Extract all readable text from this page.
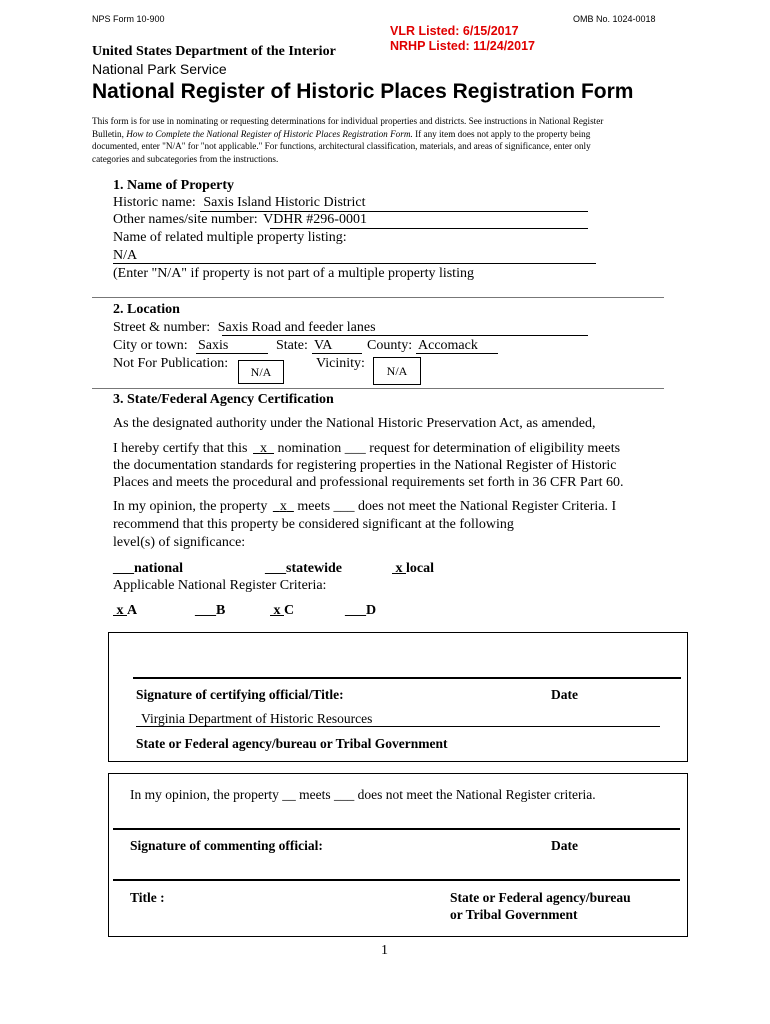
NPS Form 10-900	OMB No. 1024-0018
VLR Listed: 6/15/2017
NRHP Listed: 11/24/2017
United States Department of the Interior
National Park Service
National Register of Historic Places Registration Form
This form is for use in nominating or requesting determinations for individual properties and districts. See instructions in National Register
Bulletin, How to Complete the National Register of Historic Places Registration Form. If any item does not apply to the property being
documented, enter "N/A" for "not applicable." For functions, architectural classification, materials, and areas of significance, enter only
categories and subcategories from the instructions.
1. Name of Property
Historic name: Saxis Island Historic District
Other names/site number: VDHR #296-0001
Name of related multiple property listing:
N/A
(Enter "N/A" if property is not part of a multiple property listing
2. Location
Street & number: Saxis Road and feeder lanes
City or town: Saxis	State: VA County: Accomack
Not For Publication:
N/A
Vicinity:	N/A
3. State/Federal Agency Certification
As the designated authority under the National Historic Preservation Act, as amended,
I hereby certify that this x nomination ___ request for determination of eligibility meets
the documentation standards for registering properties in the National Register of Historic
Places and meets the procedural and professional requirements set forth in 36 CFR Part 60.
In my opinion, the property x meets ___ does not meet the National Register Criteria. I
recommend that this property be considered significant at the following
level(s) of significance:
___national	___statewide	x local
Applicable National Register Criteria:
x A	___B	x C	___D
Signature of certifying official/Title:	Date
Virginia Department of Historic Resources
State or Federal agency/bureau or Tribal Government
In my opinion, the property __ meets ___ does not meet the National Register criteria.
Signature of commenting official:	Date
Title :	State or Federal agency/bureau
or Tribal Government
1
